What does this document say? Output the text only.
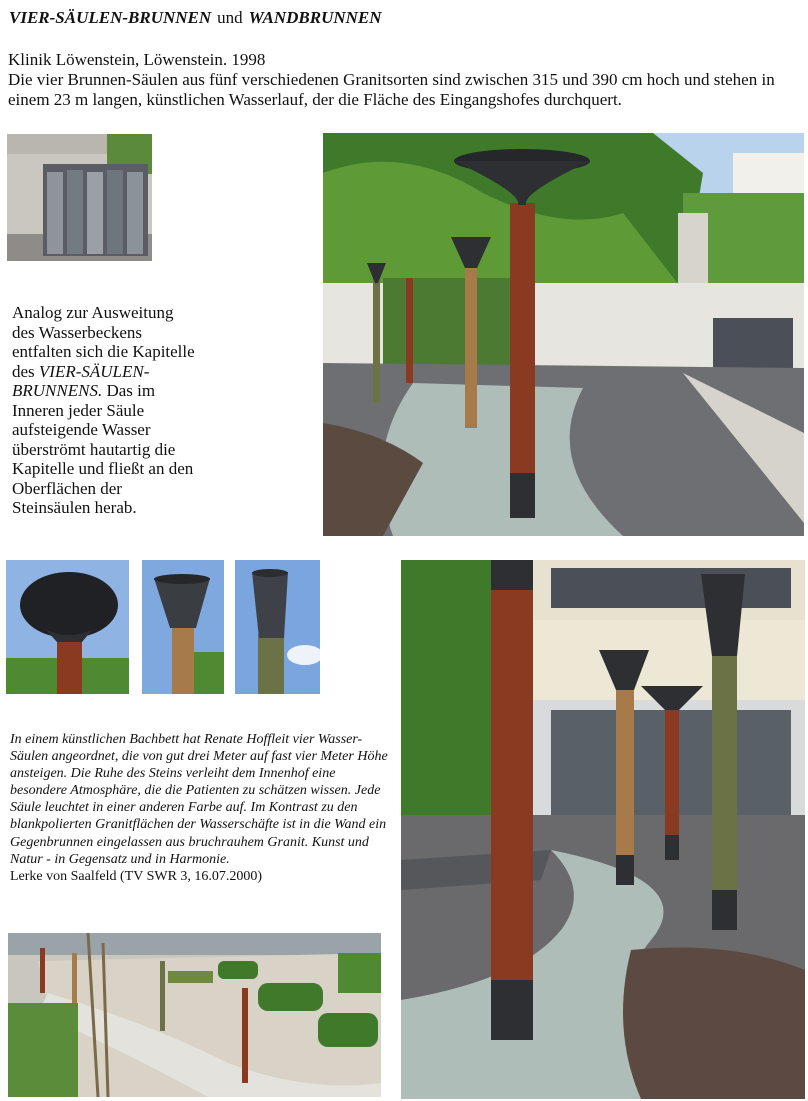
VIER-SÄULEN-BRUNNEN und WANDBRUNNEN
Klinik Löwenstein, Löwenstein. 1998
Die vier Brunnen-Säulen aus fünf verschiedenen Granitsorten sind zwischen 315 und 390 cm hoch und stehen in einem 23 m langen, künstlichen Wasserlauf, der die Fläche des Eingangshofes durchquert.
Analog zur Ausweitung des Wasserbeckens entfalten sich die Kapitelle des VIER-SÄULEN-BRUNNENS. Das im Inneren jeder Säule aufsteigende Wasser überströmt hautartig die Kapitelle und fließt an den Oberflächen der Steinsäulen herab.
In einem künstlichen Bachbett hat Renate Hoffleit vier Wasser-Säulen angeordnet, die von gut drei Meter auf fast vier Meter Höhe ansteigen. Die Ruhe des Steins verleiht dem Innenhof eine besondere Atmosphäre, die die Patienten zu schätzen wissen. Jede Säule leuchtet in einer anderen Farbe auf. Im Kontrast zu den blankpolierten Granitflächen der Wasserschäfte ist in die Wand ein Gegenbrunnen eingelassen aus bruchrauhem Granit. Kunst und Natur - in Gegensatz und in Harmonie.
Lerke von Saalfeld (TV SWR 3, 16.07.2000)
